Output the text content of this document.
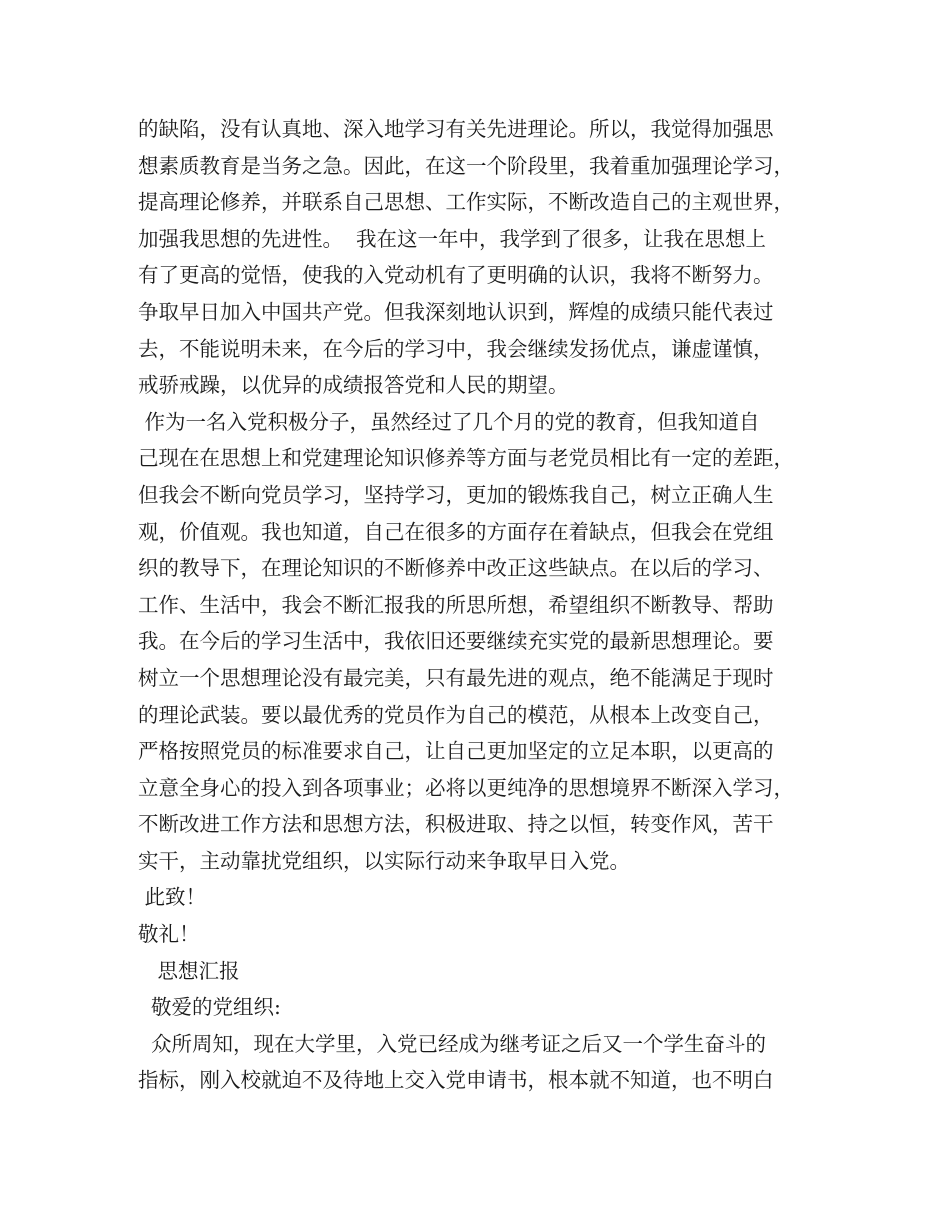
的缺陷，没有认真地、深入地学习有关先进理论。所以，我觉得加强思
想素质教育是当务之急。因此，在这一个阶段里，我着重加强理论学习，
提高理论修养，并联系自己思想、工作实际，不断改造自己的主观世界，
加强我思想的先进性。  我在这一年中，我学到了很多，让我在思想上
有了更高的觉悟，使我的入党动机有了更明确的认识，我将不断努力。
争取早日加入中国共产党。但我深刻地认识到，辉煌的成绩只能代表过
去，不能说明未来，在今后的学习中，我会继续发扬优点，谦虚谨慎，
戒骄戒躁，以优异的成绩报答党和人民的期望。
作为一名入党积极分子，虽然经过了几个月的党的教育，但我知道自
己现在在思想上和党建理论知识修养等方面与老党员相比有一定的差距，
但我会不断向党员学习，坚持学习，更加的锻炼我自己，树立正确人生
观，价值观。我也知道，自己在很多的方面存在着缺点，但我会在党组
织的教导下，在理论知识的不断修养中改正这些缺点。在以后的学习、
工作、生活中，我会不断汇报我的所思所想，希望组织不断教导、帮助
我。在今后的学习生活中，我依旧还要继续充实党的最新思想理论。要
树立一个思想理论没有最完美，只有最先进的观点，绝不能满足于现时
的理论武装。要以最优秀的党员作为自己的模范，从根本上改变自己，
严格按照党员的标准要求自己，让自己更加坚定的立足本职，以更高的
立意全身心的投入到各项事业；必将以更纯净的思想境界不断深入学习，
不断改进工作方法和思想方法，积极进取、持之以恒，转变作风，苦干
实干，主动靠扰党组织，以实际行动来争取早日入党。
此致！
敬礼！
思想汇报
敬爱的党组织:
众所周知，现在大学里，入党已经成为继考证之后又一个学生奋斗的
指标，刚入校就迫不及待地上交入党申请书，根本就不知道，也不明白
